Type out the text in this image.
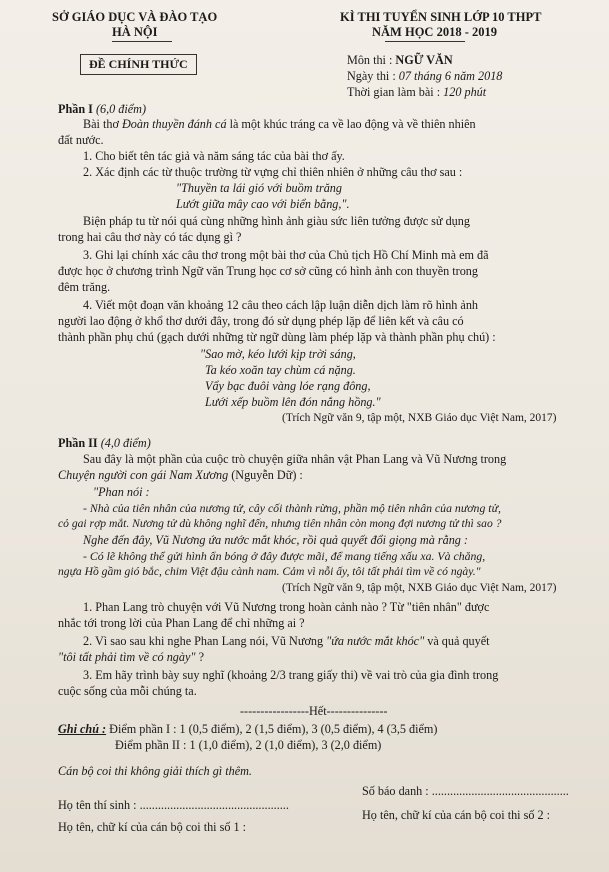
SỞ GIÁO DỤC VÀ ĐÀO TẠO
HÀ NỘI
ĐỀ CHÍNH THỨC
KÌ THI TUYỂN SINH LỚP 10 THPT
NĂM HỌC 2018 - 2019
Môn thi : NGỮ VĂN
Ngày thi : 07 tháng 6 năm 2018
Thời gian làm bài : 120 phút
Phần I (6,0 điểm)
Bài thơ Đoàn thuyền đánh cá là một khúc tráng ca về lao động và về thiên nhiên
đất nước.
1. Cho biết tên tác giả và năm sáng tác của bài thơ ấy.
2. Xác định các từ thuộc trường từ vựng chỉ thiên nhiên ở những câu thơ sau :
"Thuyền ta lái gió với buồm trăng
Lướt giữa mây cao với biển bằng,".
Biện pháp tu từ nói quá cùng những hình ảnh giàu sức liên tưởng được sử dụng
trong hai câu thơ này có tác dụng gì ?
3. Ghi lại chính xác câu thơ trong một bài thơ của Chủ tịch Hồ Chí Minh mà em đã
được học ở chương trình Ngữ văn Trung học cơ sở cũng có hình ảnh con thuyền trong
đêm trăng.
4. Viết một đoạn văn khoảng 12 câu theo cách lập luận diễn dịch làm rõ hình ảnh
người lao động ở khổ thơ dưới đây, trong đó sử dụng phép lặp để liên kết và câu có
thành phần phụ chú (gạch dưới những từ ngữ dùng làm phép lặp và thành phần phụ chú) :
"Sao mờ, kéo lưới kịp trời sáng,
Ta kéo xoăn tay chùm cá nặng.
Vẩy bạc đuôi vàng lóe rạng đông,
Lưới xếp buồm lên đón nắng hồng."
(Trích Ngữ văn 9, tập một, NXB Giáo dục Việt Nam, 2017)
Phần II (4,0 điểm)
Sau đây là một phần của cuộc trò chuyện giữa nhân vật Phan Lang và Vũ Nương trong
Chuyện người con gái Nam Xương (Nguyễn Dữ) :
"Phan nói :
- Nhà của tiên nhân của nương tử, cây cối thành rừng, phần mộ tiên nhân của nương tử,
cỏ gai rợp mắt. Nương tử dù không nghĩ đến, nhưng tiên nhân còn mong đợi nương tử thì sao ?
Nghe đến đây, Vũ Nương ứa nước mắt khóc, rồi quả quyết đổi giọng mà rằng :
- Có lẽ không thể gửi hình ẩn bóng ở đây được mãi, để mang tiếng xấu xa. Và chăng,
ngựa Hồ gầm gió bắc, chim Việt đậu cành nam. Cảm vì nỗi ấy, tôi tất phải tìm về có ngày."
(Trích Ngữ văn 9, tập một, NXB Giáo dục Việt Nam, 2017)
1. Phan Lang trò chuyện với Vũ Nương trong hoàn cảnh nào ? Từ "tiên nhân" được
nhắc tới trong lời của Phan Lang để chỉ những ai ?
2. Vì sao sau khi nghe Phan Lang nói, Vũ Nương "ứa nước mắt khóc" và quả quyết
"tôi tất phải tìm về có ngày" ?
3. Em hãy trình bày suy nghĩ (khoảng 2/3 trang giấy thi) về vai trò của gia đình trong
cuộc sống của mỗi chúng ta.
-----------------Hết---------------
Ghi chú : Điểm phần I : 1 (0,5 điểm), 2 (1,5 điểm), 3 (0,5 điểm), 4 (3,5 điểm)
Điểm phần II : 1 (1,0 điểm), 2 (1,0 điểm), 3 (2,0 điểm)
Cán bộ coi thi không giải thích gì thêm.
Họ tên thí sinh : .................................................
Số báo danh : .............................................
Họ tên, chữ kí của cán bộ coi thi số 1 :
Họ tên, chữ kí của cán bộ coi thi số 2 :
